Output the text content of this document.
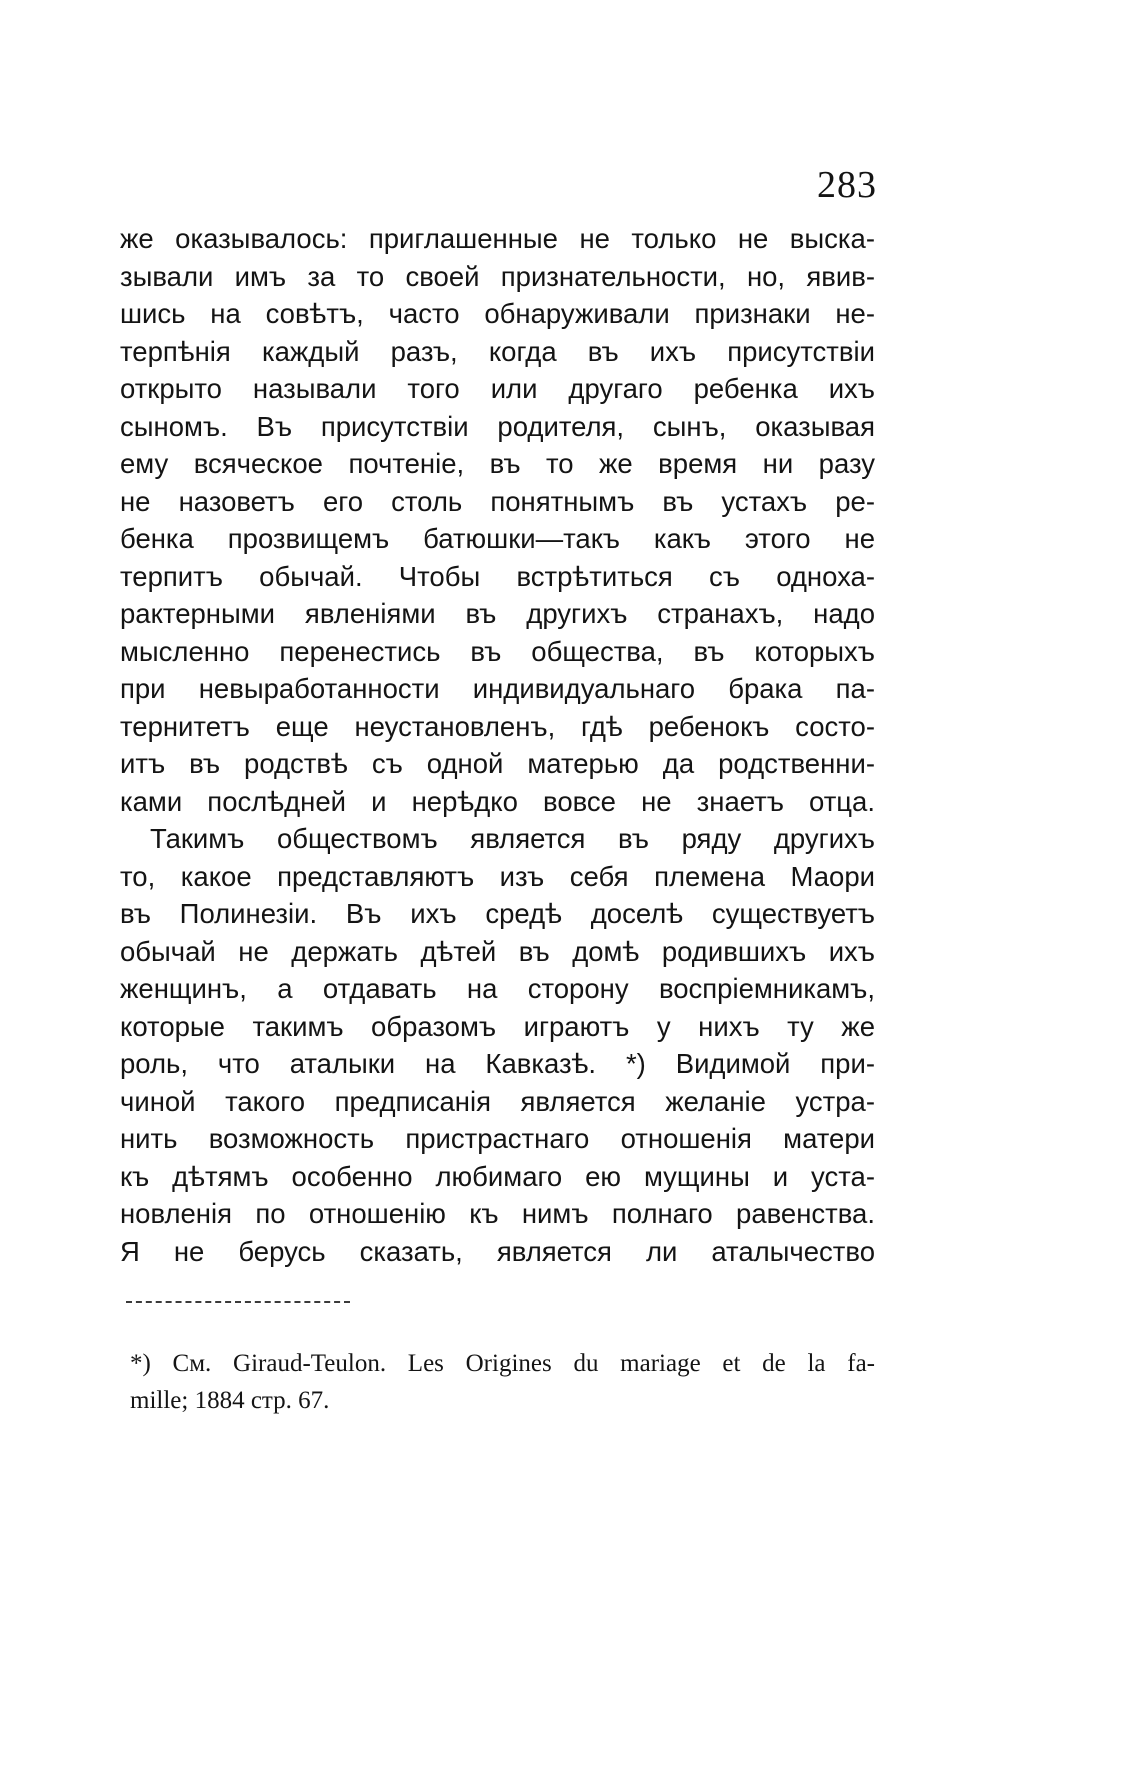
283
же оказывалось: приглашенные не только не выска-
зывали имъ за то своей признательности, но, явив-
шись на совѣтъ, часто обнаруживали признаки не-
терпѣнія каждый разъ, когда въ ихъ присутствіи
открыто называли того или другаго ребенка ихъ
сыномъ. Въ присутствіи родителя, сынъ, оказывая
ему всяческое почтеніе, въ то же время ни разу
не назоветъ его столь понятнымъ въ устахъ ре-
бенка прозвищемъ батюшки—такъ какъ этого не
терпитъ обычай. Чтобы встрѣтиться съ одноха-
рактерными явленіями въ другихъ странахъ, надо
мысленно перенестись въ общества, въ которыхъ
при невыработанности индивидуальнаго брака па-
тернитетъ еще неустановленъ, гдѣ ребенокъ состо-
итъ въ родствѣ съ одной матерью да родственни-
ками послѣдней и нерѣдко вовсе не знаетъ отца.
Такимъ обществомъ является въ ряду другихъ
то, какое представляютъ изъ себя племена Маори
въ Полинезіи. Въ ихъ средѣ доселѣ существуетъ
обычай не держать дѣтей въ домѣ родившихъ ихъ
женщинъ, а отдавать на сторону воспріемникамъ,
которые такимъ образомъ играютъ у нихъ ту же
роль, что аталыки на Кавказѣ. *) Видимой при-
чиной такого предписанія является желаніе устра-
нить возможность пристрастнаго отношенія матери
къ дѣтямъ особенно любимаго ею мущины и уста-
новленія по отношенію къ нимъ полнаго равенства.
Я не берусь сказать, является ли аталычество
*) См. Giraud-Teulon. Les Origines du mariage et de la fa-
mille; 1884 стр. 67.
